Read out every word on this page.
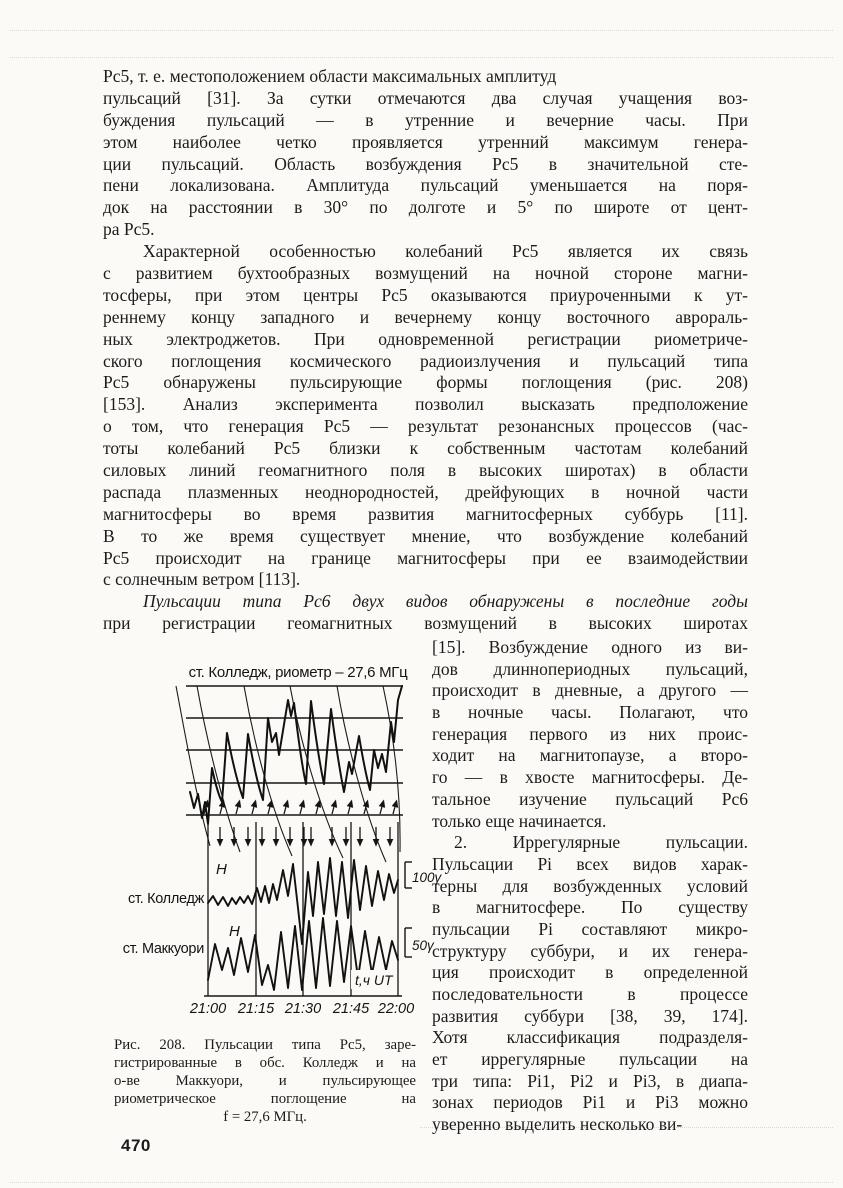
Рс5, т. е. местоположением области максимальных амплитуд
пульсаций [31]. За сутки отмечаются два случая учащения воз-
буждения пульсаций — в утренние и вечерние часы. При
этом наиболее четко проявляется утренний максимум генера-
ции пульсаций. Область возбуждения Рс5 в значительной сте-
пени локализована. Амплитуда пульсаций уменьшается на поря-
док на расстоянии в 30° по долготе и 5° по широте от цент-
ра Рс5.
Характерной особенностью колебаний Рс5 является их связь
с развитием бухтообразных возмущений на ночной стороне магни-
тосферы, при этом центры Рс5 оказываются приуроченными к ут-
реннему концу западного и вечернему концу восточного аврораль-
ных электроджетов. При одновременной регистрации риометриче-
ского поглощения космического радиоизлучения и пульсаций типа
Рс5 обнаружены пульсирующие формы поглощения (рис. 208)
[153]. Анализ эксперимента позволил высказать предположение
о том, что генерация Рс5 — результат резонансных процессов (час-
тоты колебаний Рс5 близки к собственным частотам колебаний
силовых линий геомагнитного поля в высоких широтах) в области
распада плазменных неоднородностей, дрейфующих в ночной части
магнитосферы во время развития магнитосферных суббурь [11].
В то же время существует мнение, что возбуждение колебаний
Рс5 происходит на границе магнитосферы при ее взаимодействии
с солнечным ветром [113].
Пульсации типа Рс6 двух видов обнаружены в последние годы
при регистрации геомагнитных возмущений в высоких широтах
[15]. Возбуждение одного из ви-
дов длиннопериодных пульсаций,
происходит в дневные, а другого —
в ночные часы. Полагают, что
генерация первого из них проис-
ходит на магнитопаузе, а второ-
го — в хвосте магнитосферы. Де-
тальное изучение пульсаций Рс6
только еще начинается.
2. Иррегулярные пульсации.
Пульсации Pi всех видов харак-
терны для возбужденных условий
в магнитосфере. По существу
пульсации Pi составляют микро-
структуру суббури, и их генера-
ция происходит в определенной
последовательности в процессе
развития суббури [38, 39, 174].
Хотя классификация подразделя-
ет иррегулярные пульсации на
три типа: Pi1, Pi2 и Pi3, в диапа-
зонах периодов Pi1 и Pi3 можно
уверенно выделить несколько ви-
ст. Колледж, риометр – 27,6 МГц
H
H
ст. Колледж
ст. Маккуори
100γ
50γ
t,ч UT
21:00 21:15 21:30 21:45 22:00
Рис. 208. Пульсации типа Рс5, заре-
гистрированные в обс. Колледж и на
о-ве Маккуори, и пульсирующее
риометрическое поглощение на
f = 27,6 МГц.
470
